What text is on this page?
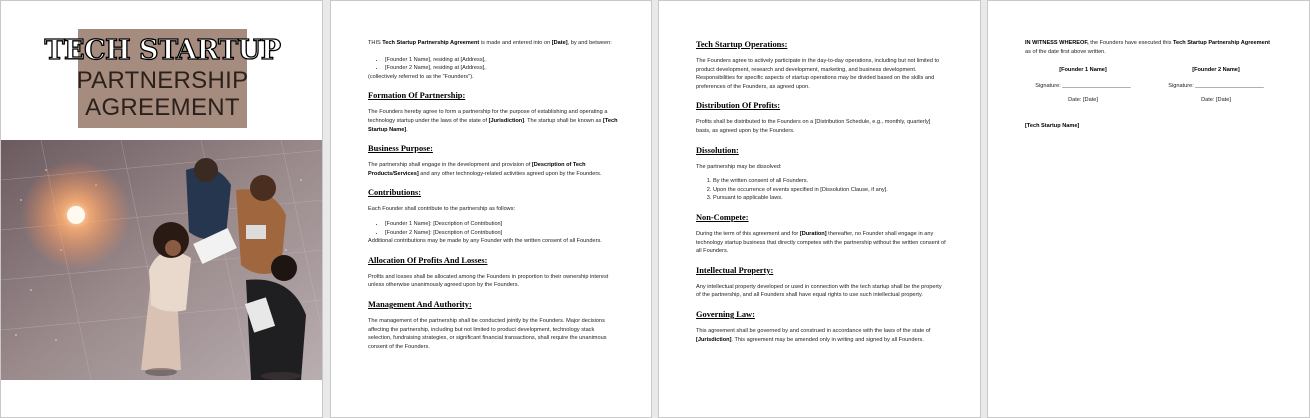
TECH STARTUP
PARTNERSHIP
AGREEMENT

THIS Tech Startup Partnership Agreement is made and entered into on [Date], by and between:

• [Founder 1 Name], residing at [Address],
• [Founder 2 Name], residing at [Address],

(collectively referred to as the "Founders").

Formation Of Partnership:

The Founders hereby agree to form a partnership for the purpose of establishing and operating a technology startup under the laws of the state of [Jurisdiction]. The startup shall be known as [Tech Startup Name].

Business Purpose:

The partnership shall engage in the development and provision of [Description of Tech Products/Services] and any other technology-related activities agreed upon by the Founders.

Contributions:

Each Founder shall contribute to the partnership as follows:

• [Founder 1 Name]: [Description of Contribution]
• [Founder 2 Name]: [Description of Contribution]

Additional contributions may be made by any Founder with the written consent of all Founders.

Allocation Of Profits And Losses:

Profits and losses shall be allocated among the Founders in proportion to their ownership interest unless otherwise unanimously agreed upon by the Founders.

Management And Authority:

The management of the partnership shall be conducted jointly by the Founders. Major decisions affecting the partnership, including but not limited to product development, technology stack selection, fundraising strategies, or significant financial transactions, shall require the unanimous consent of the Founders.

Tech Startup Operations:

The Founders agree to actively participate in the day-to-day operations, including but not limited to product development, research and development, marketing, and business development. Responsibilities for specific aspects of startup operations may be divided based on the skills and preferences of the Founders, as agreed upon.

Distribution Of Profits:

Profits shall be distributed to the Founders on a [Distribution Schedule, e.g., monthly, quarterly] basis, as agreed upon by the Founders.

Dissolution:

The partnership may be dissolved:

1. By the written consent of all Founders.
2. Upon the occurrence of events specified in [Dissolution Clause, if any].
3. Pursuant to applicable laws.

Non-Compete:

During the term of this agreement and for [Duration] thereafter, no Founder shall engage in any technology startup business that directly competes with the partnership without the written consent of all Founders.

Intellectual Property:

Any intellectual property developed or used in connection with the tech startup shall be the property of the partnership, and all Founders shall have equal rights to use such intellectual property.

Governing Law:

This agreement shall be governed by and construed in accordance with the laws of the state of [Jurisdiction]. This agreement may be amended only in writing and signed by all Founders.

IN WITNESS WHEREOF, the Founders have executed this Tech Startup Partnership Agreement as of the date first above written.

[Founder 1 Name]
Signature: ______________________
Date: [Date]
[Founder 2 Name]
Signature: ______________________
Date: [Date]
[Tech Startup Name]
